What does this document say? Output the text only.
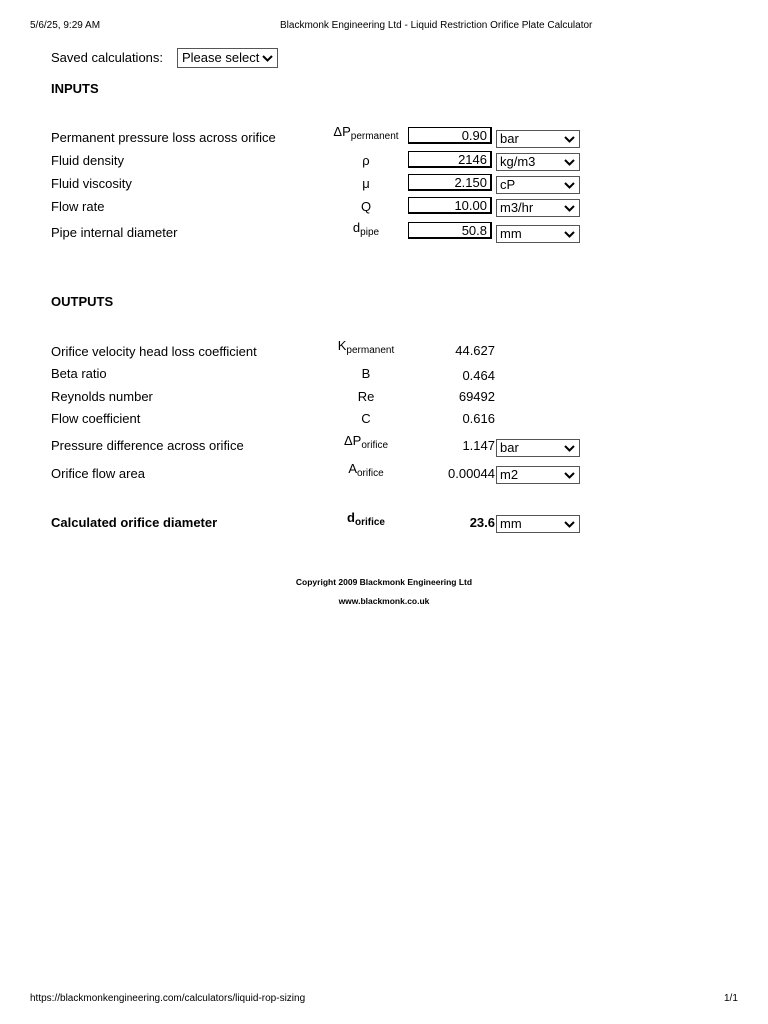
5/6/25, 9:29 AM	Blackmonk Engineering Ltd - Liquid Restriction Orifice Plate Calculator
Saved calculations:	Please select
INPUTS
Permanent pressure loss across orifice	$\Delta P_{permanent}$	0.90	bar
Fluid density	ρ	2146	kg/m3
Fluid viscosity	μ	2.150	cP
Flow rate	Q	10.00	m3/hr
Pipe internal diameter	$d_{pipe}$	50.8	mm
OUTPUTS
Orifice velocity head loss coefficient	$K_{permanent}$	44.627
Beta ratio	B	0.464
Reynolds number	Re	69492
Flow coefficient	C	0.616
Pressure difference across orifice	$\Delta P_{orifice}$	1.147 bar
Orifice flow area	$A_{orifice}$	0.00044 m2
Calculated orifice diameter	$d_{orifice}$	23.6 mm
Copyright 2009 Blackmonk Engineering Ltd
www.blackmonk.co.uk
https://blackmonkengineering.com/calculators/liquid-rop-sizing	1/1
